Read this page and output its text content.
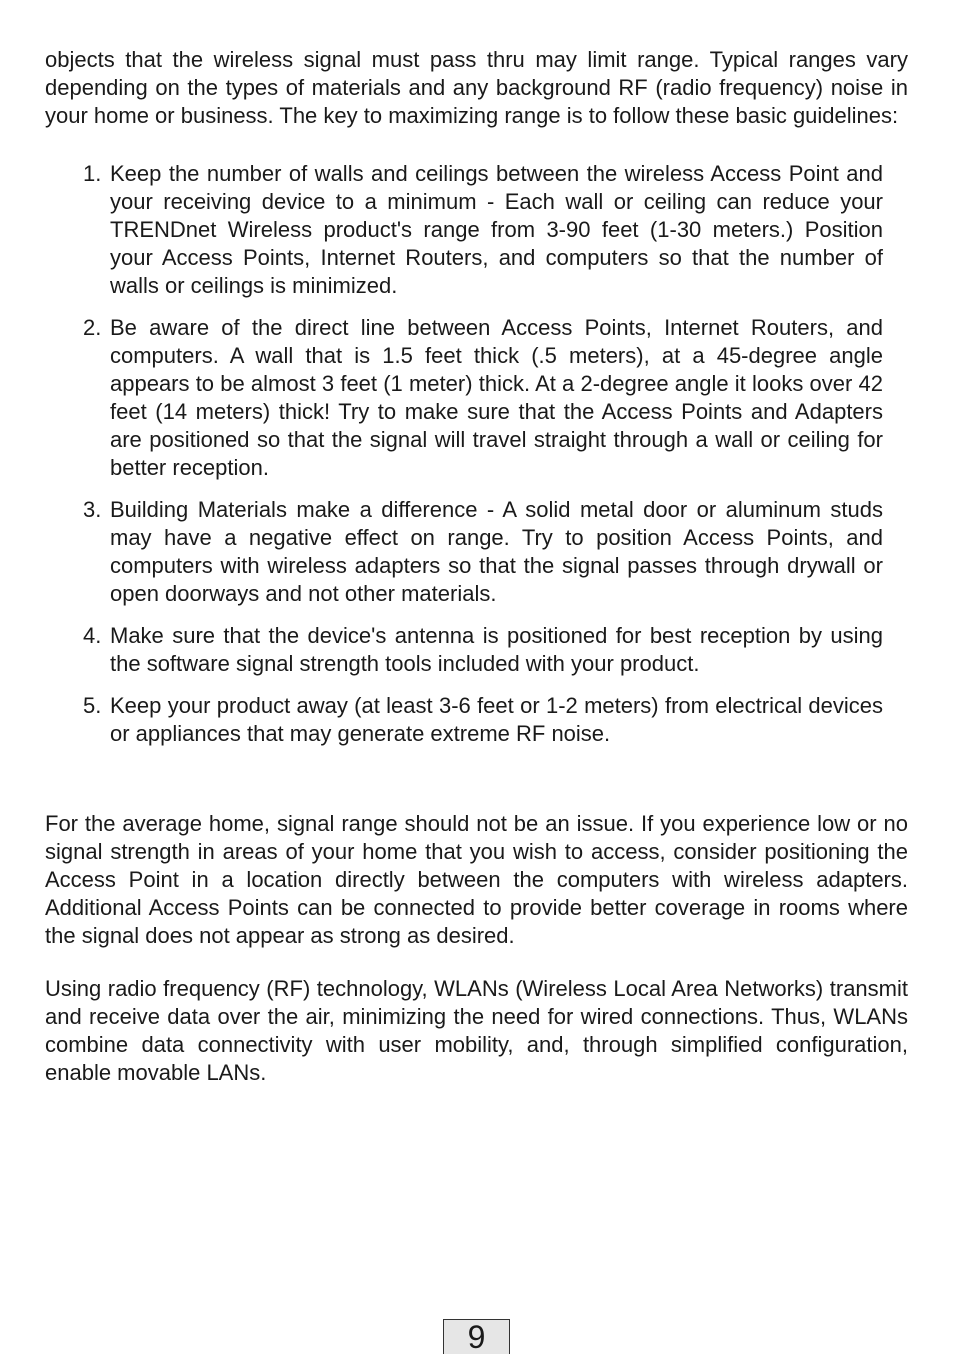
objects that the wireless signal must pass thru may limit range. Typical ranges vary depending on the types of materials and any background RF (radio frequency) noise in your home or business. The key to maximizing range is to follow these basic guidelines:

1. Keep the number of walls and ceilings between the wireless Access Point and your receiving device to a minimum - Each wall or ceiling can reduce your TRENDnet Wireless product's range from 3-90 feet (1-30 meters.) Position your Access Points, Internet Routers, and computers so that the number of walls or ceilings is minimized.
2. Be aware of the direct line between Access Points, Internet Routers, and computers. A wall that is 1.5 feet thick (.5 meters), at a 45-degree angle appears to be almost 3 feet (1 meter) thick. At a 2-degree angle it looks over 42 feet (14 meters) thick! Try to make sure that the Access Points and Adapters are positioned so that the signal will travel straight through a wall or ceiling for better reception.
3. Building Materials make a difference - A solid metal door or aluminum studs may have a negative effect on range. Try to position Access Points, and computers with wireless adapters so that the signal passes through drywall or open doorways and not other materials.
4. Make sure that the device's antenna is positioned for best reception by using the software signal strength tools included with your product.
5. Keep your product away (at least 3-6 feet or 1-2 meters) from electrical devices or appliances that may generate extreme RF noise.

For the average home, signal range should not be an issue. If you experience low or no signal strength in areas of your home that you wish to access, consider positioning the Access Point in a location directly between the computers with wireless adapters. Additional Access Points can be connected to provide better coverage in rooms where the signal does not appear as strong as desired.

Using radio frequency (RF) technology, WLANs (Wireless Local Area Networks) transmit and receive data over the air, minimizing the need for wired connections. Thus, WLANs combine data connectivity with user mobility, and, through simplified configuration, enable movable LANs.

9
